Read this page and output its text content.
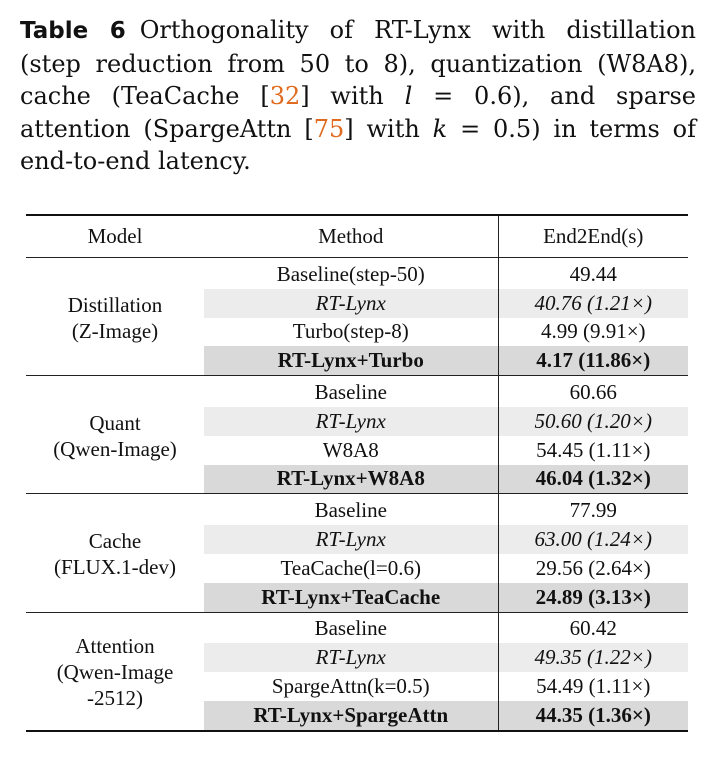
Table 6 Orthogonality of RT-Lynx with distillation (step reduction from 50 to 8), quantization (W8A8), cache (TeaCache [32] with l = 0.6), and sparse attention (SpargeAttn [75] with k = 0.5) in terms of end-to-end latency.
Model	Method	End2End(s)

Distillation
(Z-Image)	Baseline(step-50)	49.44
	RT-Lynx	40.76 (1.21×)
	Turbo(step-8)	4.99 (9.91×)
	RT-Lynx+Turbo	4.17 (11.86×)

Quant
(Qwen-Image)	Baseline	60.66
	RT-Lynx	50.60 (1.20×)
	W8A8	54.45 (1.11×)
	RT-Lynx+W8A8	46.04 (1.32×)

Cache
(FLUX.1-dev)	Baseline	77.99
	RT-Lynx	63.00 (1.24×)
	TeaCache(l=0.6)	29.56 (2.64×)
	RT-Lynx+TeaCache	24.89 (3.13×)

Attention
(Qwen-Image
-2512)	Baseline	60.42
	RT-Lynx	49.35 (1.22×)
	SpargeAttn(k=0.5)	54.49 (1.11×)
	RT-Lynx+SpargeAttn	44.35 (1.36×)
